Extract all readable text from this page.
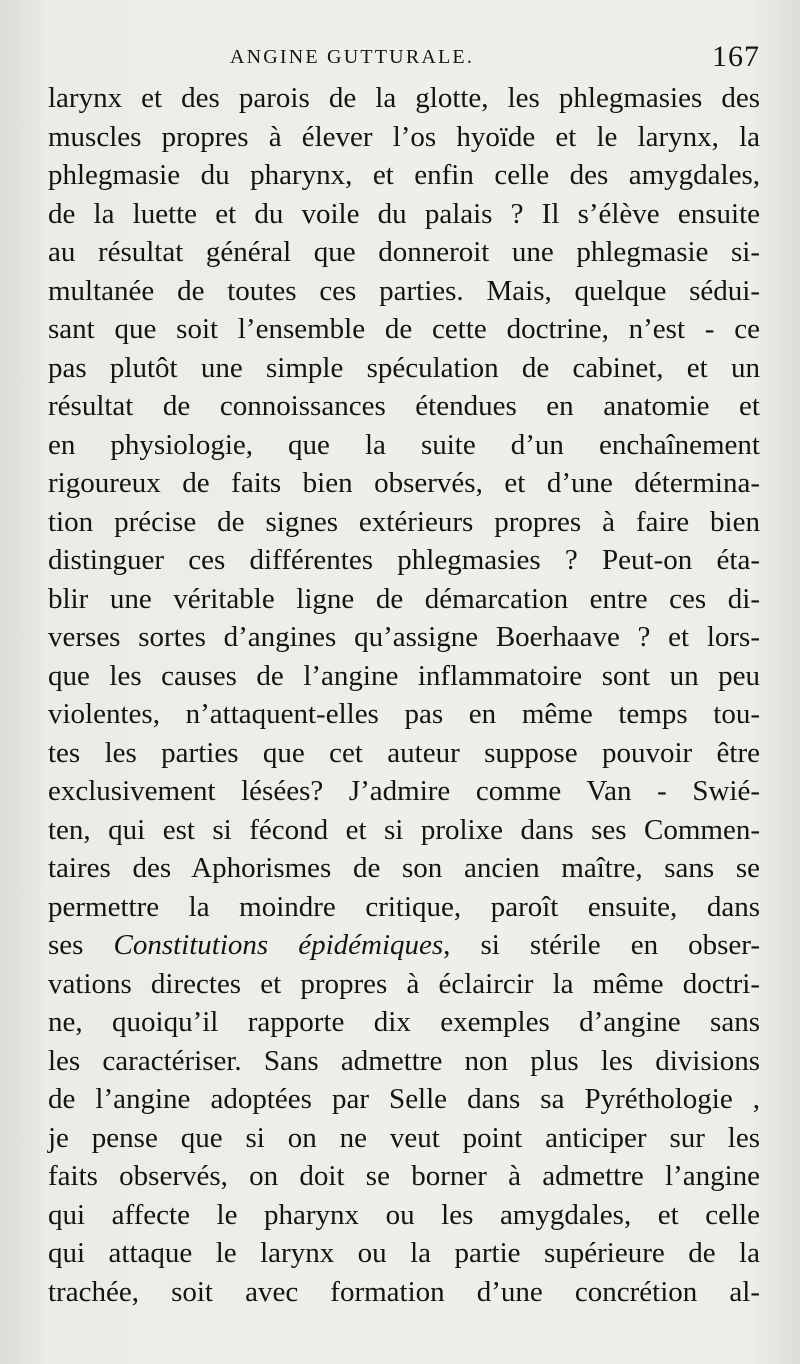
ANGINE GUTTURALE.	167
larynx et des parois de la glotte, les phlegmasies des
muscles propres à élever l’os hyoïde et le larynx, la
phlegmasie du pharynx, et enfin celle des amygdales,
de la luette et du voile du palais ? Il s’élève ensuite
au résultat général que donneroit une phlegmasie si-
multanée de toutes ces parties. Mais, quelque sédui-
sant que soit l’ensemble de cette doctrine, n’est - ce
pas plutôt une simple spéculation de cabinet, et un
résultat de connoissances étendues en anatomie et
en physiologie, que la suite d’un enchaînement
rigoureux de faits bien observés, et d’une détermina-
tion précise de signes extérieurs propres à faire bien
distinguer ces différentes phlegmasies ? Peut-on éta-
blir une véritable ligne de démarcation entre ces di-
verses sortes d’angines qu’assigne Boerhaave ? et lors-
que les causes de l’angine inflammatoire sont un peu
violentes, n’attaquent-elles pas en même temps tou-
tes les parties que cet auteur suppose pouvoir être
exclusivement lésées? J’admire comme Van - Swié-
ten, qui est si fécond et si prolixe dans ses Commen-
taires des Aphorismes de son ancien maître, sans se
permettre la moindre critique, paroît ensuite, dans
ses Constitutions épidémiques, si stérile en obser-
vations directes et propres à éclaircir la même doctri-
ne, quoiqu’il rapporte dix exemples d’angine sans
les caractériser. Sans admettre non plus les divisions
de l’angine adoptées par Selle dans sa Pyréthologie ,
je pense que si on ne veut point anticiper sur les
faits observés, on doit se borner à admettre l’angine
qui affecte le pharynx ou les amygdales, et celle
qui attaque le larynx ou la partie supérieure de la
trachée, soit avec formation d’une concrétion al-
